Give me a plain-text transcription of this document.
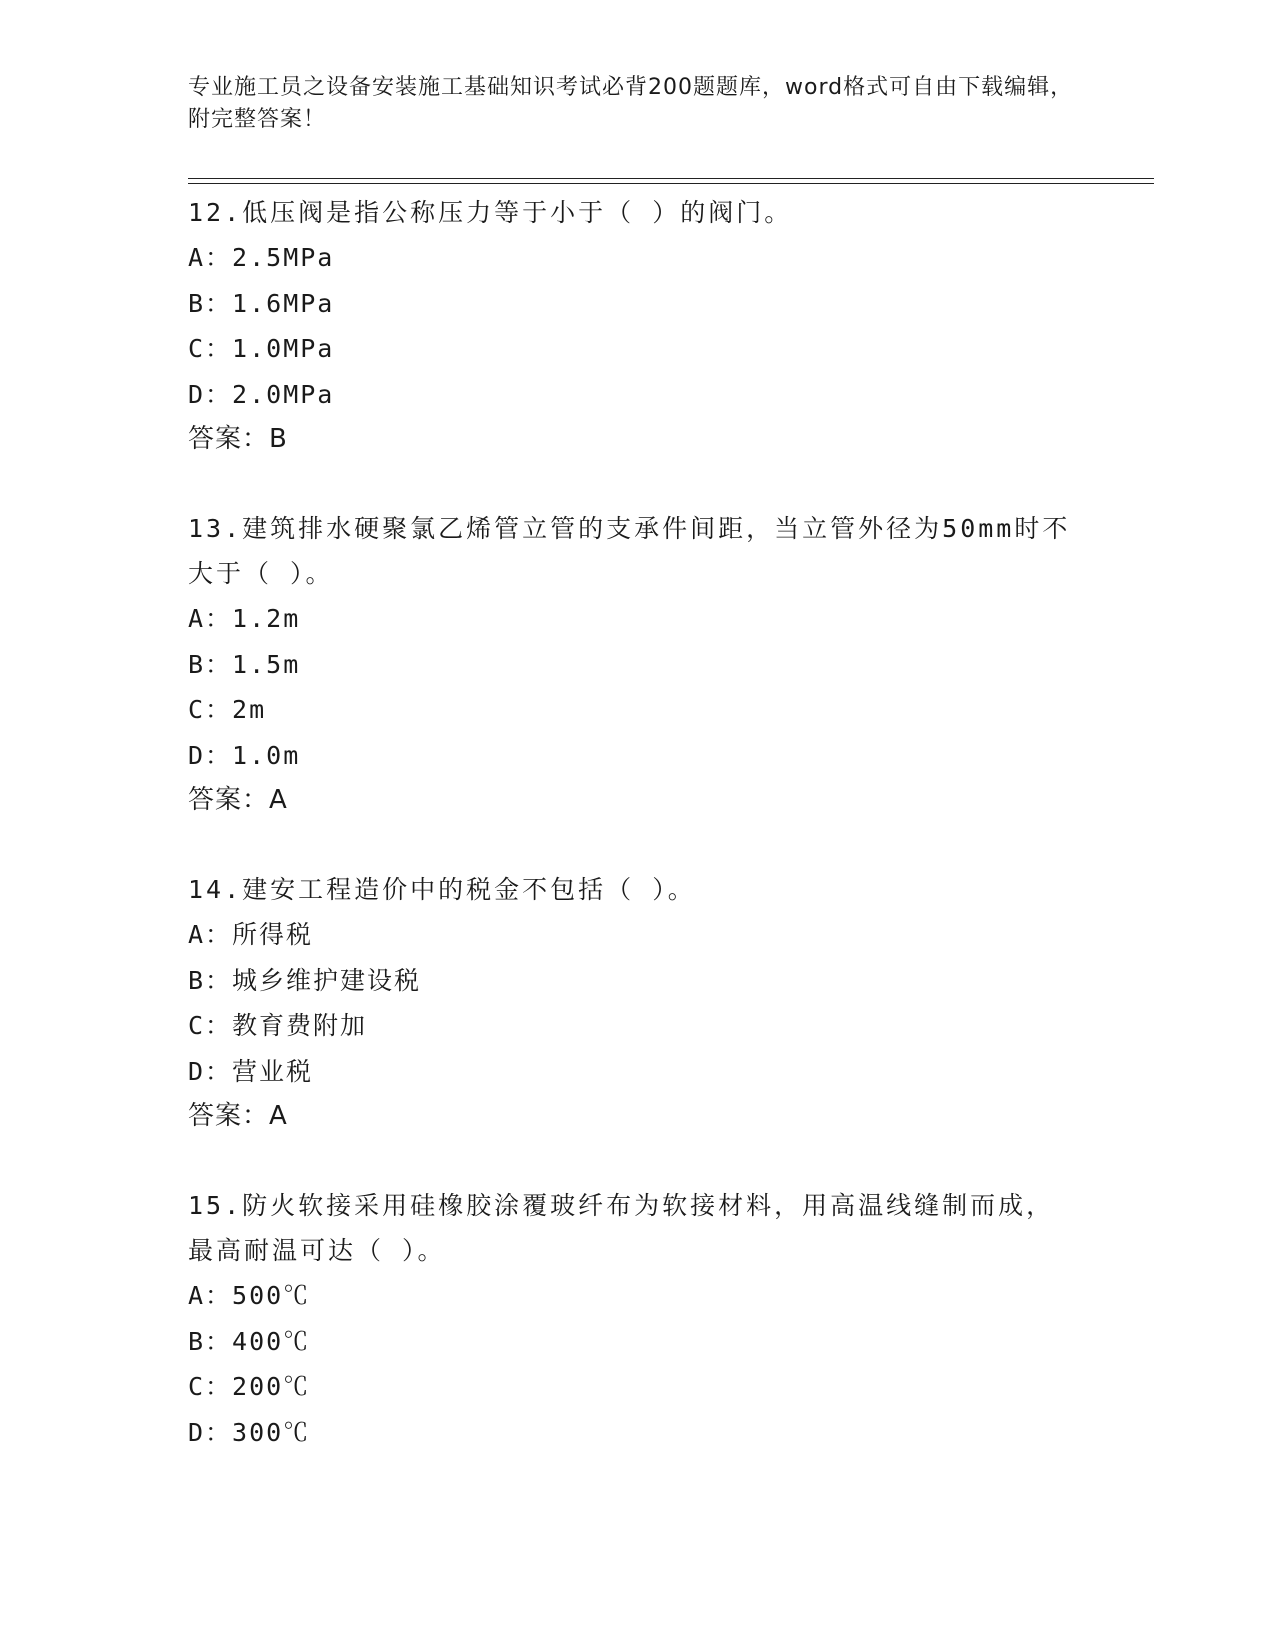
专业施工员之设备安装施工基础知识考试必背200题题库，word格式可自由下载编辑，附完整答案！
12.低压阀是指公称压力等于小于（ ）的阀门。
A：2.5MPa
B：1.6MPa
C：1.0MPa
D：2.0MPa
答案：B
13.建筑排水硬聚氯乙烯管立管的支承件间距，当立管外径为50mm时不大于（ ）。
A：1.2m
B：1.5m
C：2m
D：1.0m
答案：A
14.建安工程造价中的税金不包括（ ）。
A：所得税
B：城乡维护建设税
C：教育费附加
D：营业税
答案：A
15.防火软接采用硅橡胶涂覆玻纤布为软接材料，用高温线缝制而成，最高耐温可达（ ）。
A：500℃
B：400℃
C：200℃
D：300℃
